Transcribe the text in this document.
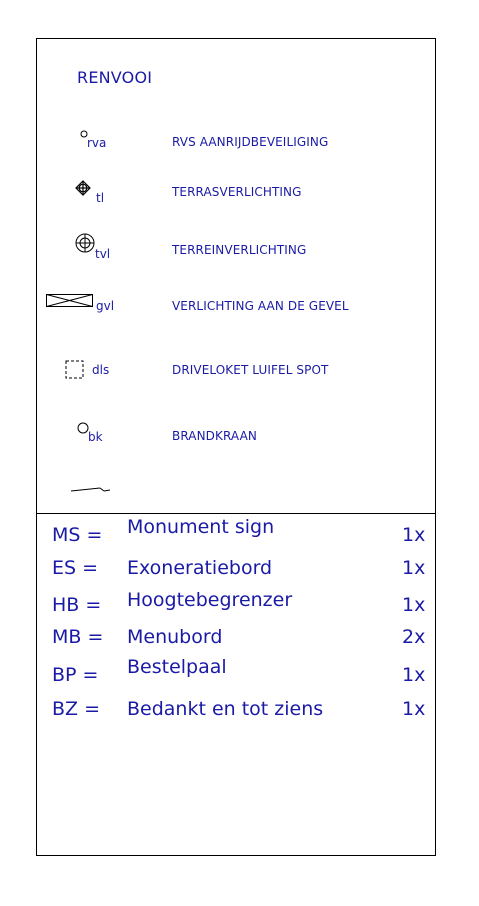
RENVOOI
rva	RVS AANRIJDBEVEILIGING
tl	TERRASVERLICHTING
tvl	TERREINVERLICHTING
gvl	VERLICHTING AAN DE GEVEL
dls	DRIVELOKET LUIFEL SPOT
bk	BRANDKRAAN
MS = Monument sign	1x
ES = Exoneratiebord	1x
HB = Hoogtebegrenzer	1x
MB = Menubord	2x
BP = Bestelpaal	1x
BZ = Bedankt en tot ziens	1x
